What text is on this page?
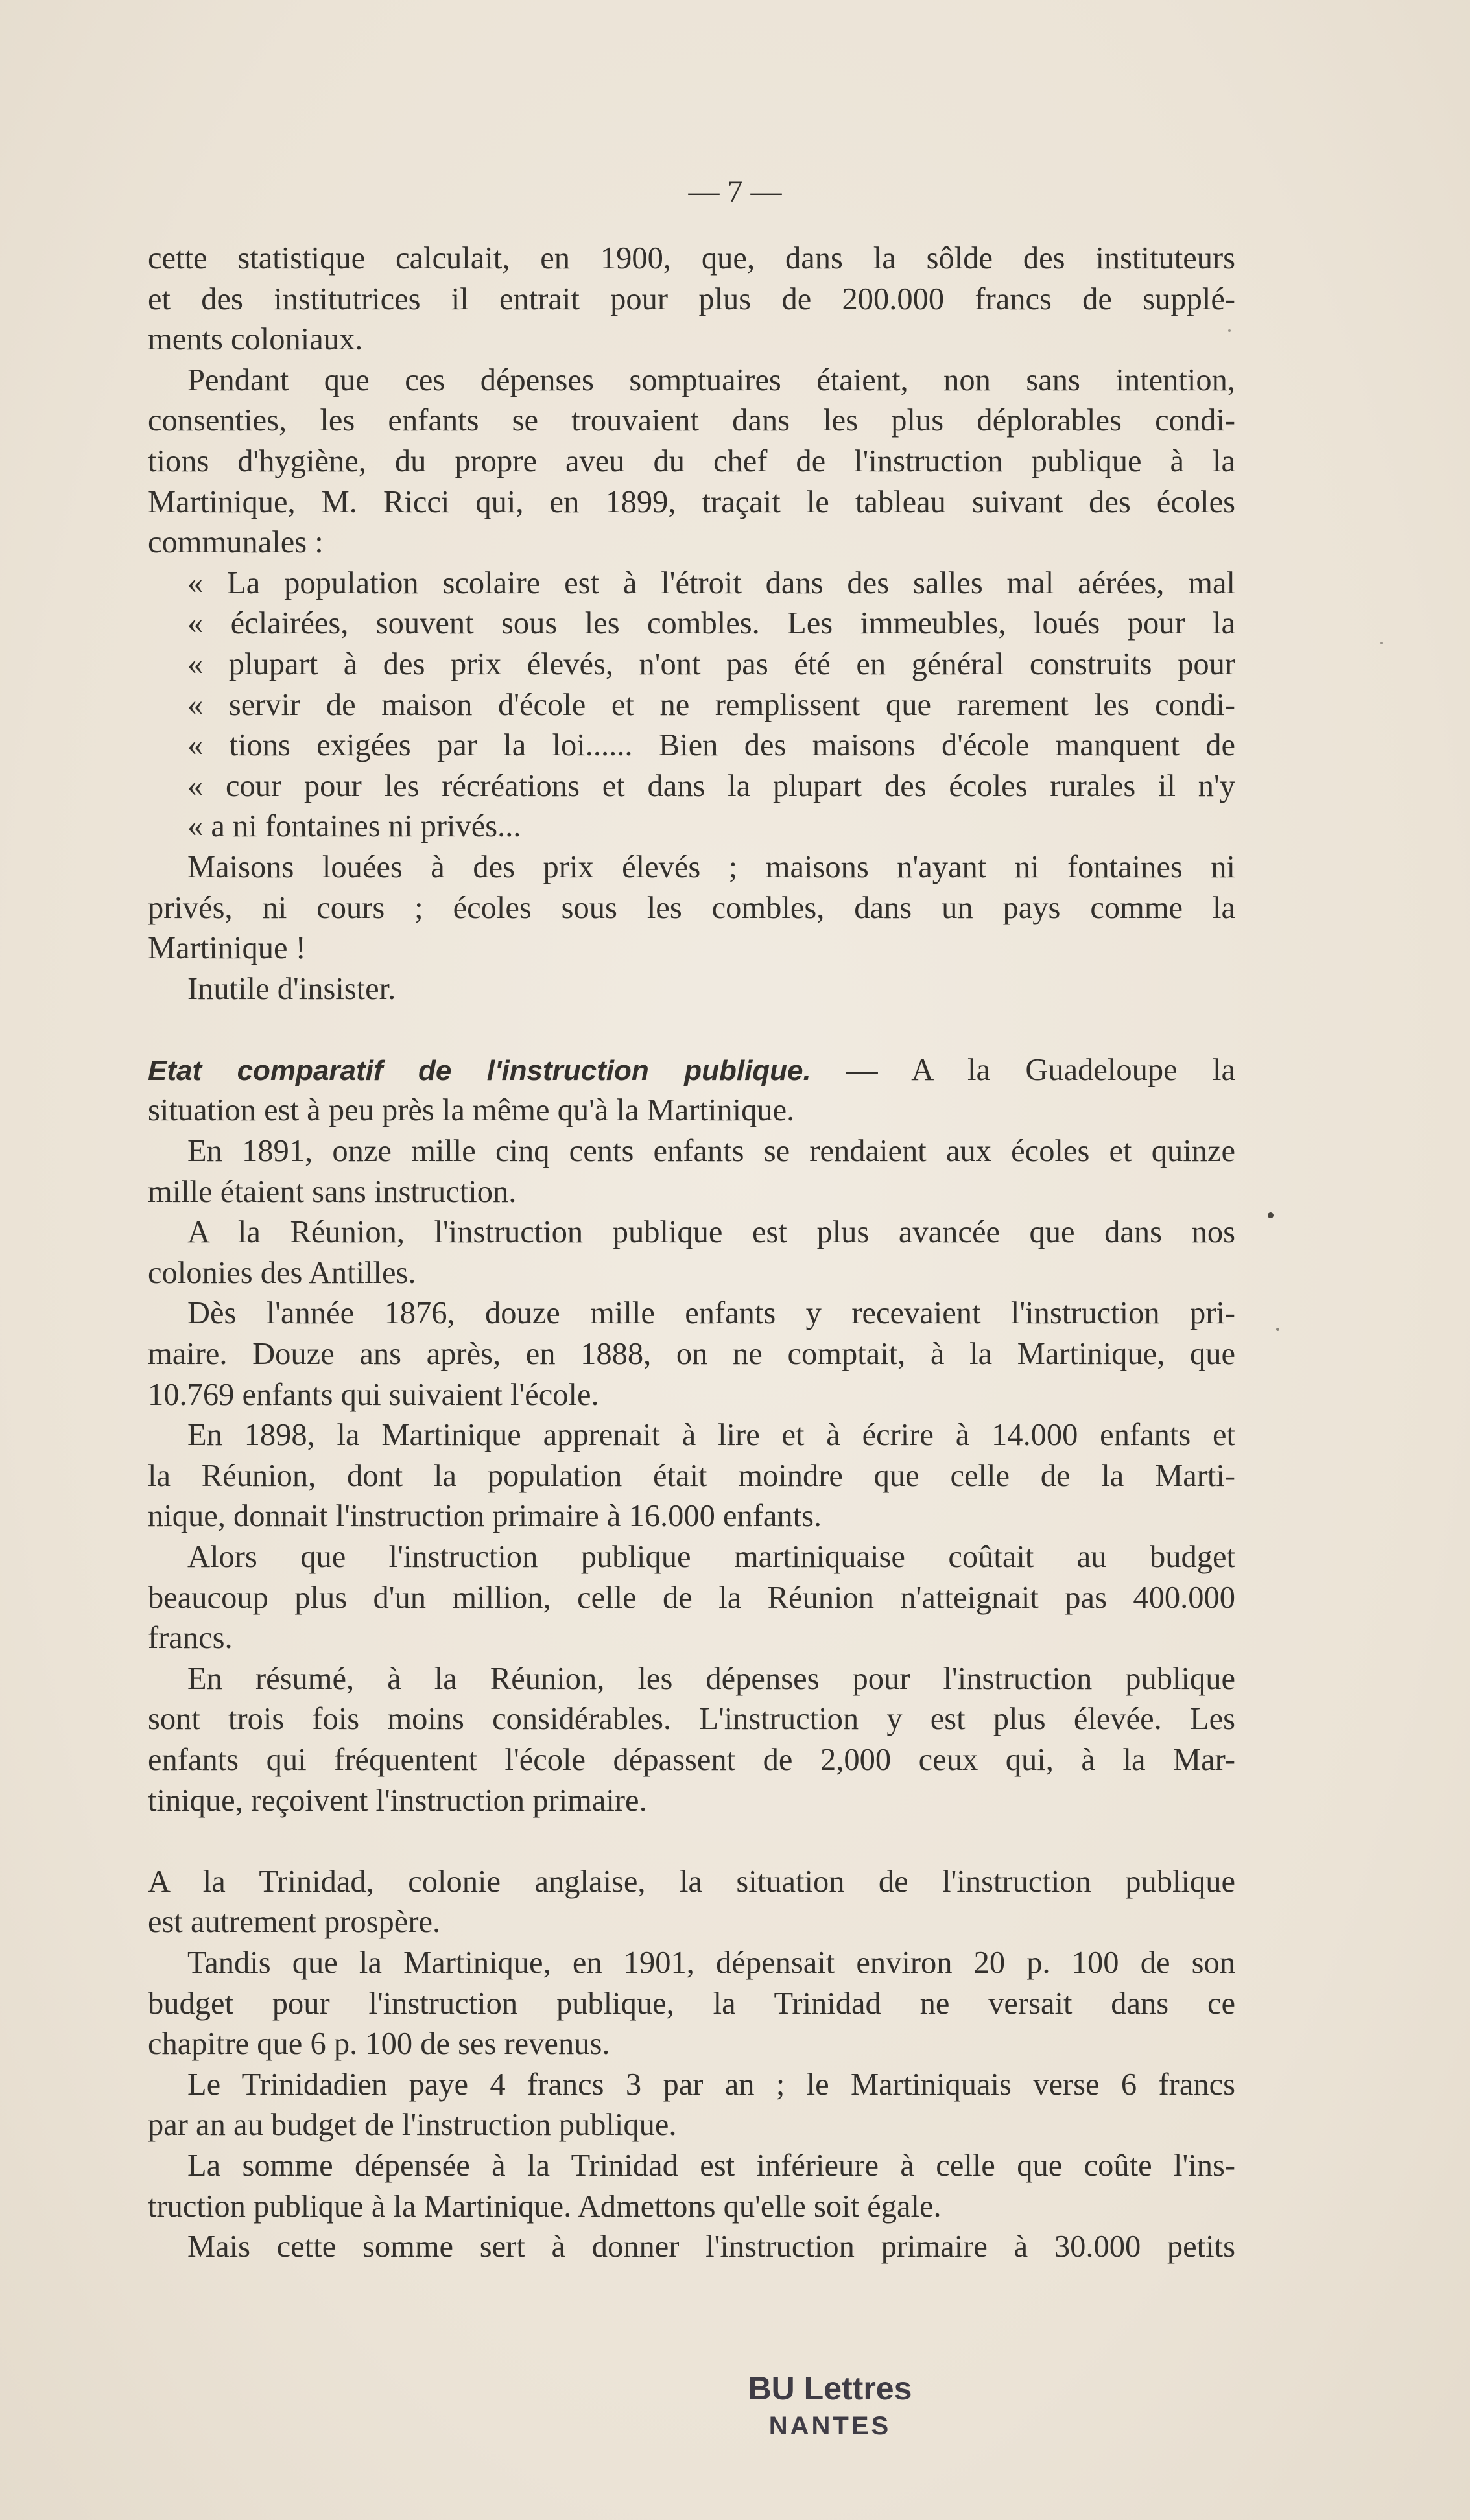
— 7 —
cette statistique calculait, en 1900, que, dans la sôlde des instituteurs
et des institutrices il entrait pour plus de 200.000 francs de supplé-
ments coloniaux.
Pendant que ces dépenses somptuaires étaient, non sans intention,
consenties, les enfants se trouvaient dans les plus déplorables condi-
tions d'hygiène, du propre aveu du chef de l'instruction publique à la
Martinique, M. Ricci qui, en 1899, traçait le tableau suivant des écoles
communales :
« La population scolaire est à l'étroit dans des salles mal aérées, mal
« éclairées, souvent sous les combles. Les immeubles, loués pour la
« plupart à des prix élevés, n'ont pas été en général construits pour
« servir de maison d'école et ne remplissent que rarement les condi-
« tions exigées par la loi...... Bien des maisons d'école manquent de
« cour pour les récréations et dans la plupart des écoles rurales il n'y
« a ni fontaines ni privés...
Maisons louées à des prix élevés ; maisons n'ayant ni fontaines ni
privés, ni cours ; écoles sous les combles, dans un pays comme la
Martinique !
Inutile d'insister.
Etat comparatif de l'instruction publique. — A la Guadeloupe la
situation est à peu près la même qu'à la Martinique.
En 1891, onze mille cinq cents enfants se rendaient aux écoles et quinze
mille étaient sans instruction.
A la Réunion, l'instruction publique est plus avancée que dans nos
colonies des Antilles.
Dès l'année 1876, douze mille enfants y recevaient l'instruction pri-
maire. Douze ans après, en 1888, on ne comptait, à la Martinique, que
10.769 enfants qui suivaient l'école.
En 1898, la Martinique apprenait à lire et à écrire à 14.000 enfants et
la Réunion, dont la population était moindre que celle de la Marti-
nique, donnait l'instruction primaire à 16.000 enfants.
Alors que l'instruction publique martiniquaise coûtait au budget
beaucoup plus d'un million, celle de la Réunion n'atteignait pas 400.000
francs.
En résumé, à la Réunion, les dépenses pour l'instruction publique
sont trois fois moins considérables. L'instruction y est plus élevée. Les
enfants qui fréquentent l'école dépassent de 2,000 ceux qui, à la Mar-
tinique, reçoivent l'instruction primaire.
A la Trinidad, colonie anglaise, la situation de l'instruction publique
est autrement prospère.
Tandis que la Martinique, en 1901, dépensait environ 20 p. 100 de son
budget pour l'instruction publique, la Trinidad ne versait dans ce
chapitre que 6 p. 100 de ses revenus.
Le Trinidadien paye 4 francs 3 par an ; le Martiniquais verse 6 francs
par an au budget de l'instruction publique.
La somme dépensée à la Trinidad est inférieure à celle que coûte l'ins-
truction publique à la Martinique. Admettons qu'elle soit égale.
Mais cette somme sert à donner l'instruction primaire à 30.000 petits
BU Lettres
NANTES
